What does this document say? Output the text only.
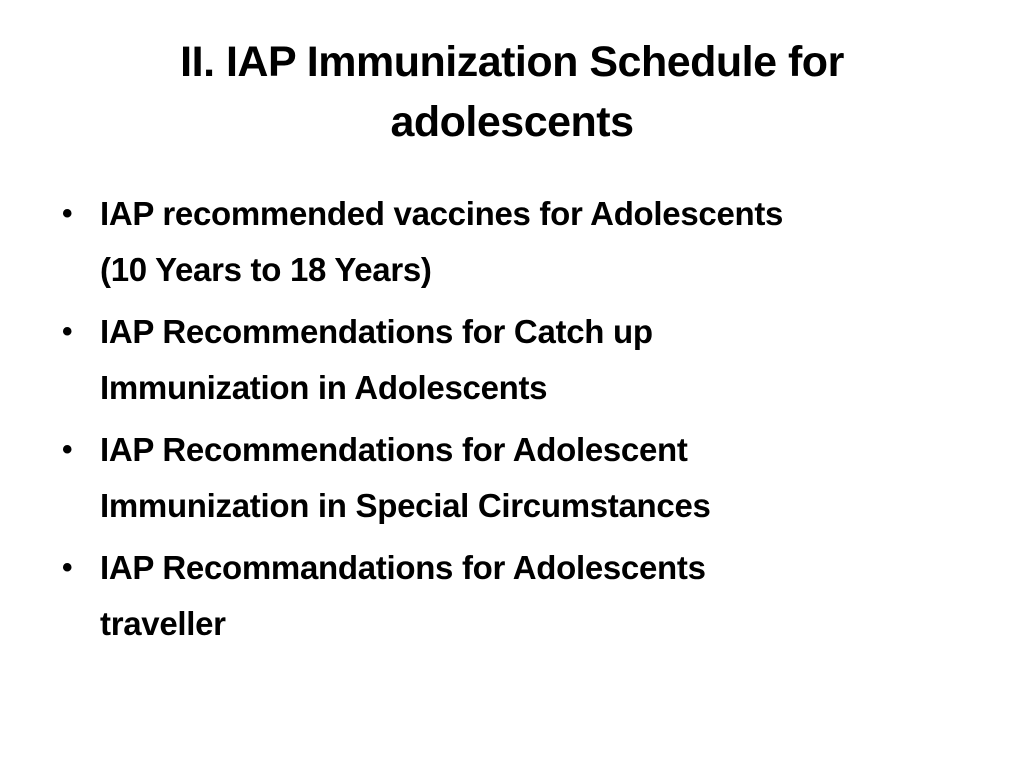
II. IAP Immunization Schedule for
adolescents
• IAP recommended vaccines for Adolescents
(10 Years to 18 Years)
• IAP Recommendations for Catch up
Immunization in Adolescents
• IAP Recommendations for Adolescent
Immunization in Special Circumstances
• IAP Recommandations for Adolescents
traveller
